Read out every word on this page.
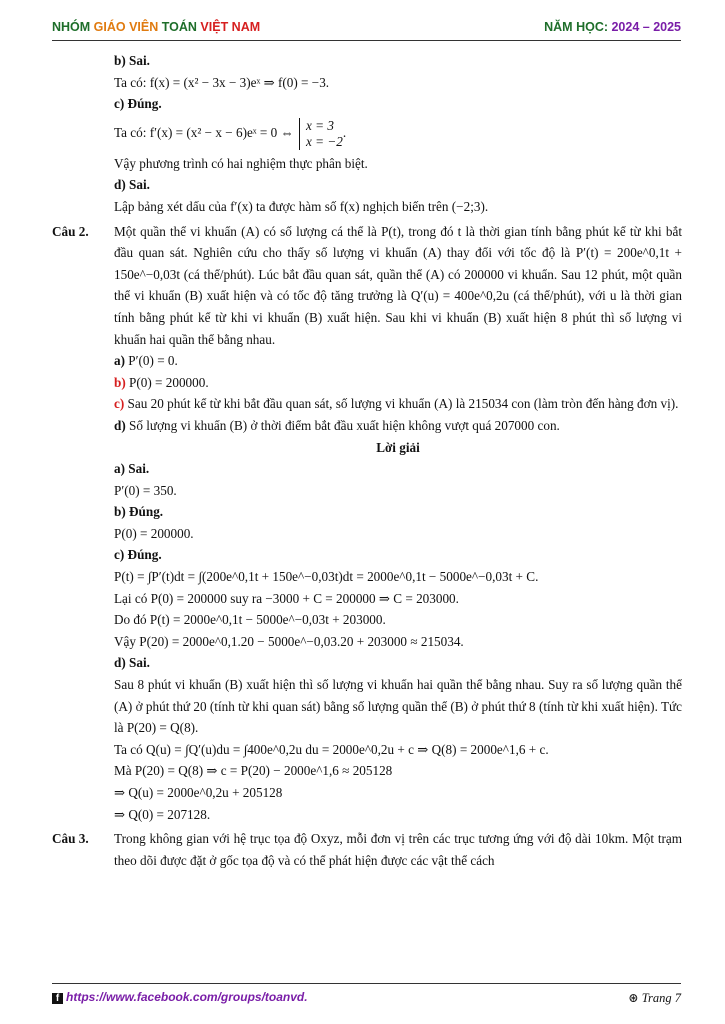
NHÓM GIÁO VIÊN TOÁN VIỆT NAM	NĂM HỌC: 2024 – 2025
b) Sai.
Ta có: f(x) = (x² − 3x − 3)eˣ ⇒ f(0) = −3.
c) Đúng.
Ta có: f′(x) = (x² − x − 6)eˣ = 0 ⇔ x = 3
x = −2
.
Vậy phương trình có hai nghiệm thực phân biệt.
d) Sai.
Lập bảng xét dấu của f′(x) ta được hàm số f(x) nghịch biến trên (−2;3).
Câu 2.	Một quần thể vi khuẩn (A) có số lượng cá thể là P(t), trong đó t là thời gian tính bằng phút kể từ khi bắt đầu quan sát. Nghiên cứu cho thấy số lượng vi khuẩn (A) thay đổi với tốc độ là P′(t) = 200e^0,1t + 150e^−0,03t (cá thể/phút). Lúc bắt đầu quan sát, quần thể (A) có 200000 vi khuẩn. Sau 12 phút, một quần thể vi khuẩn (B) xuất hiện và có tốc độ tăng trưởng là Q′(u) = 400e^0,2u (cá thể/phút), với u là thời gian tính bằng phút kể từ khi vi khuẩn (B) xuất hiện. Sau khi vi khuẩn (B) xuất hiện 8 phút thì số lượng vi khuẩn hai quần thể bằng nhau.
a) P′(0) = 0.
b) P(0) = 200000.
c) Sau 20 phút kể từ khi bắt đầu quan sát, số lượng vi khuẩn (A) là 215034 con (làm tròn đến hàng đơn vị).
d) Số lượng vi khuẩn (B) ở thời điểm bắt đầu xuất hiện không vượt quá 207000 con.
Lời giải
a) Sai.
P′(0) = 350.
b) Đúng.
P(0) = 200000.
c) Đúng.
P(t) = ∫P′(t)dt = ∫(200e^0,1t + 150e^−0,03t)dt = 2000e^0,1t − 5000e^−0,03t + C.
Lại có P(0) = 200000 suy ra −3000 + C = 200000 ⇒ C = 203000.
Do đó P(t) = 2000e^0,1t − 5000e^−0,03t + 203000.
Vậy P(20) = 2000e^0,1.20 − 5000e^−0,03.20 + 203000 ≈ 215034.
d) Sai.
Sau 8 phút vi khuẩn (B) xuất hiện thì số lượng vi khuẩn hai quần thể bằng nhau. Suy ra số lượng quần thể (A) ở phút thứ 20 (tính từ khi quan sát) bằng số lượng quần thể (B) ở phút thứ 8 (tính từ khi xuất hiện). Tức là P(20) = Q(8).
Ta có Q(u) = ∫Q′(u)du = ∫400e^0,2u du = 2000e^0,2u + c ⇒ Q(8) = 2000e^1,6 + c.
Mà P(20) = Q(8) ⇒ c = P(20) − 2000e^1,6 ≈ 205128
⇒ Q(u) = 2000e^0,2u + 205128
⇒ Q(0) = 207128.
Câu 3.	Trong không gian với hệ trục tọa độ Oxyz, mỗi đơn vị trên các trục tương ứng với độ dài 10km. Một trạm theo dõi được đặt ở gốc tọa độ và có thể phát hiện được các vật thể cách
f https://www.facebook.com/groups/toanvd.	⊛ Trang 7
